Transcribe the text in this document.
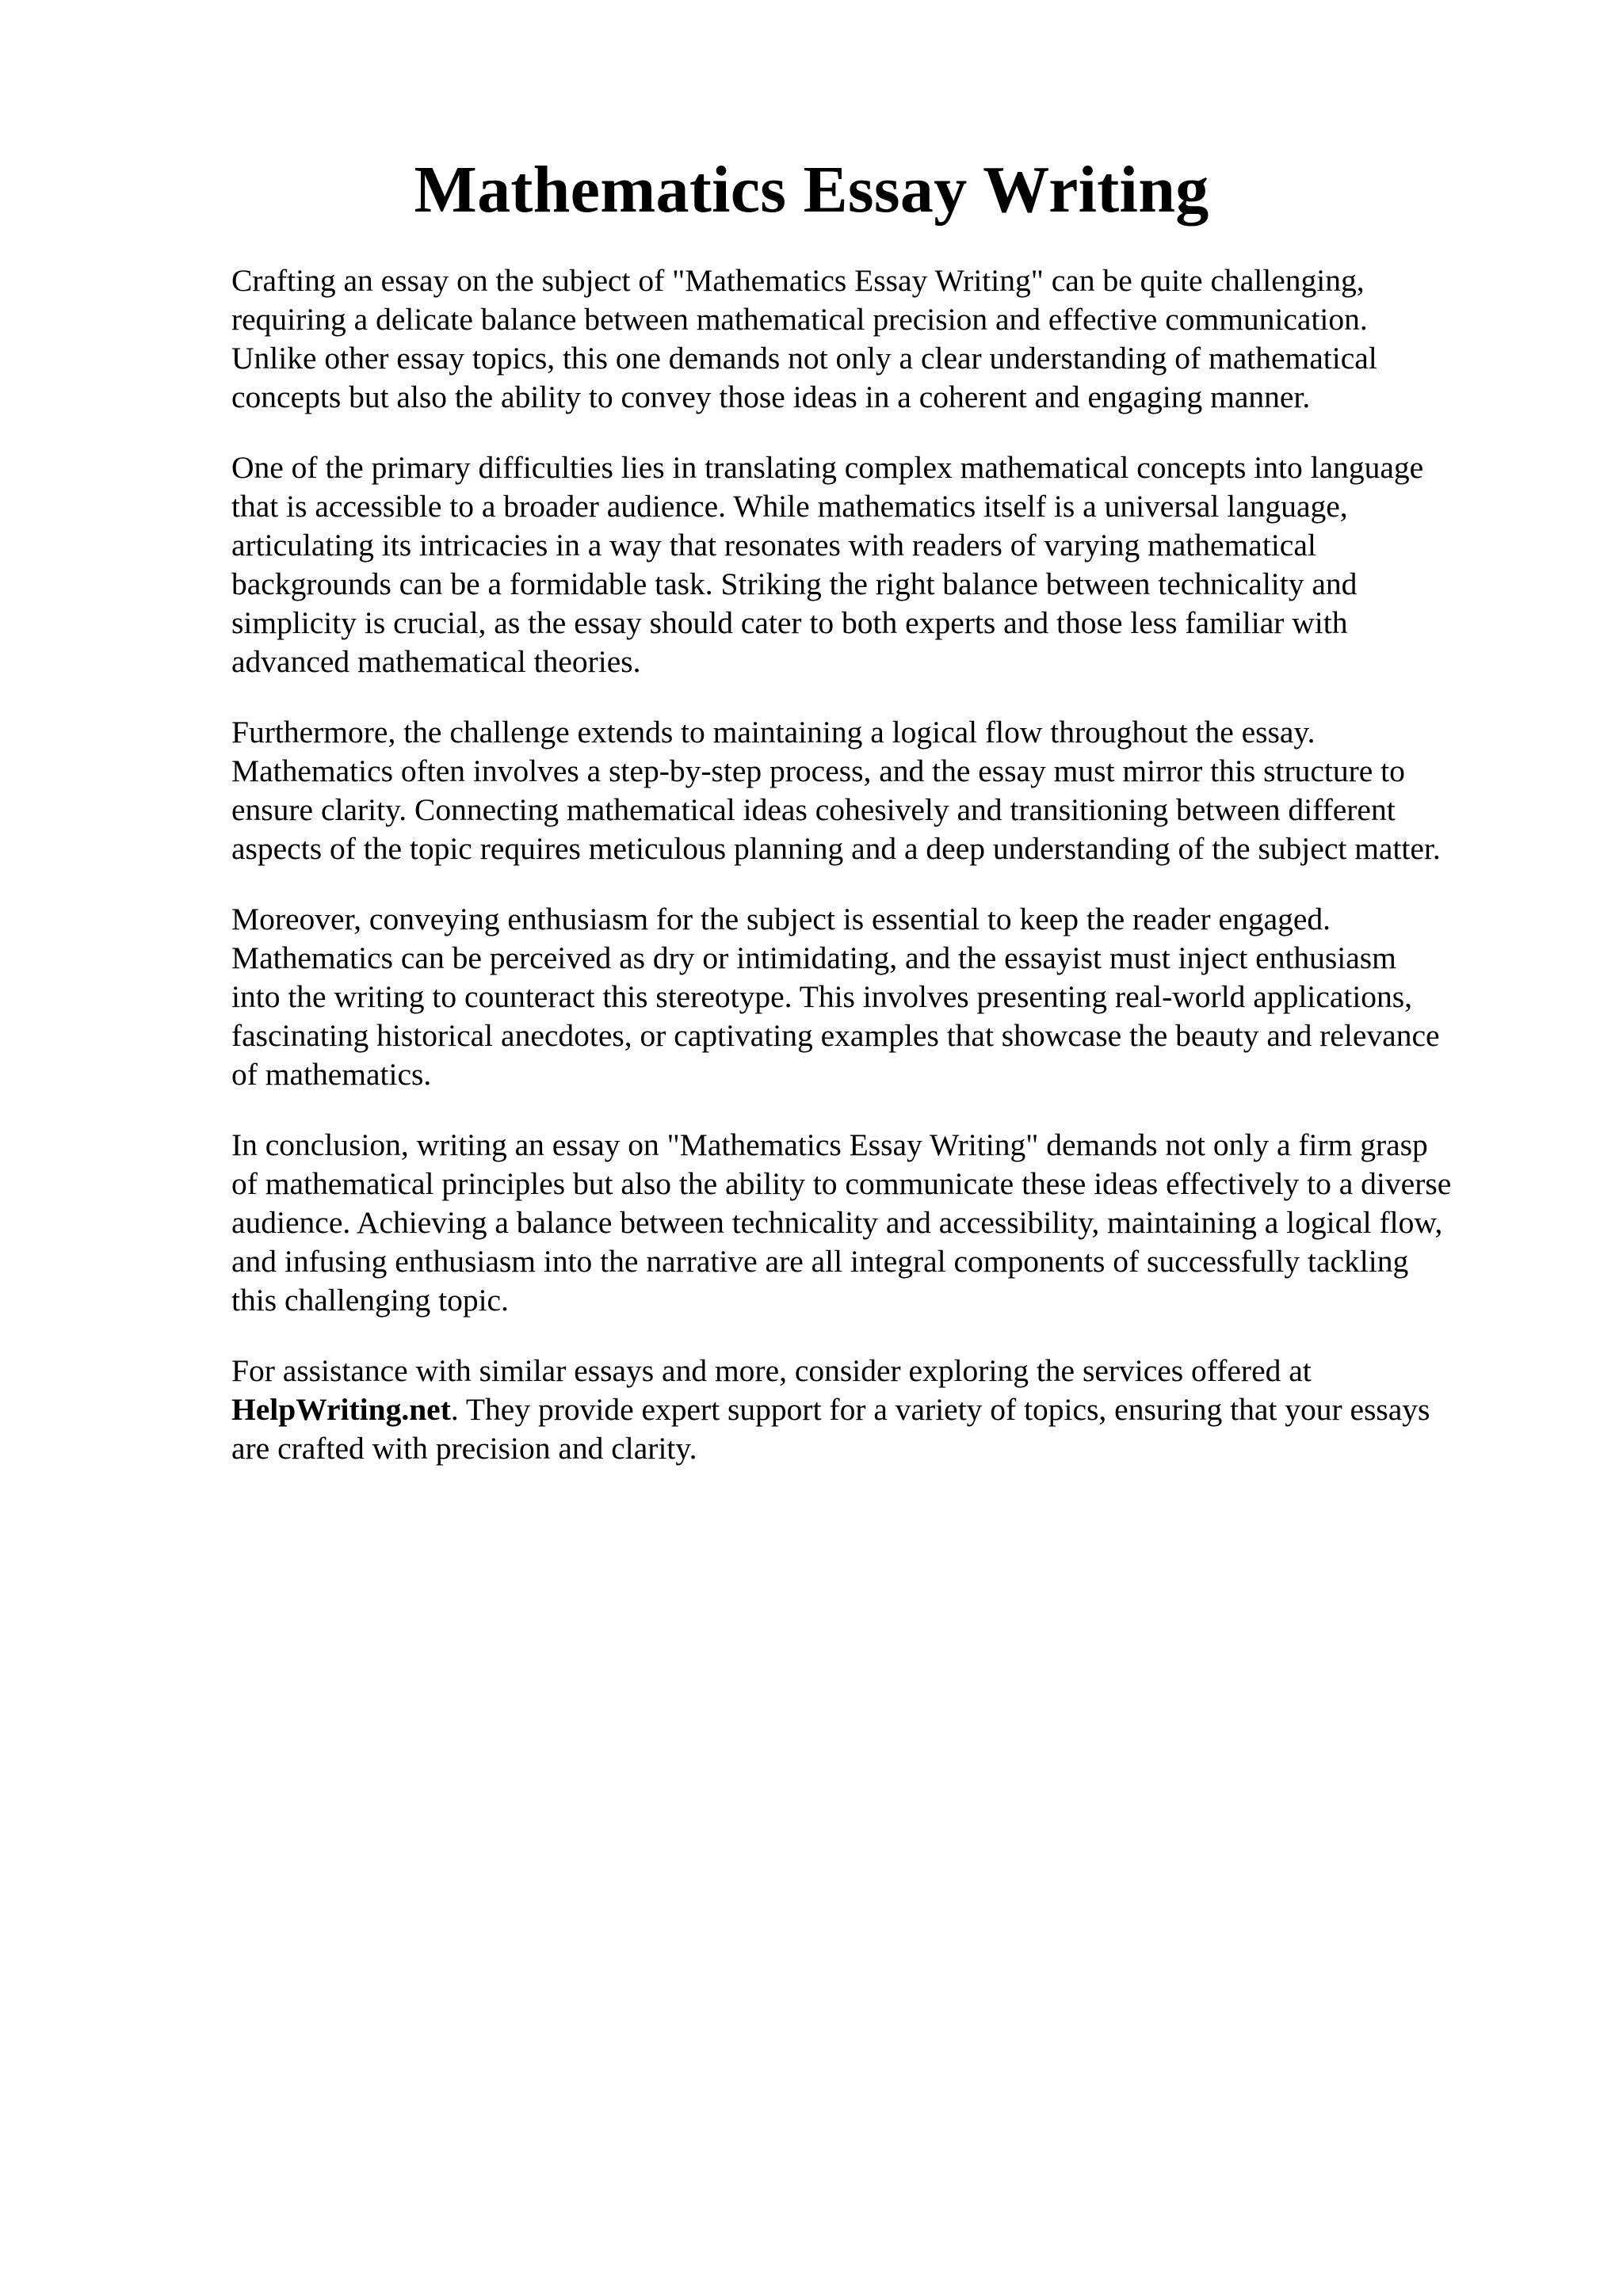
Mathematics Essay Writing

Crafting an essay on the subject of "Mathematics Essay Writing" can be quite challenging,
requiring a delicate balance between mathematical precision and effective communication.
Unlike other essay topics, this one demands not only a clear understanding of mathematical
concepts but also the ability to convey those ideas in a coherent and engaging manner.

One of the primary difficulties lies in translating complex mathematical concepts into language
that is accessible to a broader audience. While mathematics itself is a universal language,
articulating its intricacies in a way that resonates with readers of varying mathematical
backgrounds can be a formidable task. Striking the right balance between technicality and
simplicity is crucial, as the essay should cater to both experts and those less familiar with
advanced mathematical theories.

Furthermore, the challenge extends to maintaining a logical flow throughout the essay.
Mathematics often involves a step-by-step process, and the essay must mirror this structure to
ensure clarity. Connecting mathematical ideas cohesively and transitioning between different
aspects of the topic requires meticulous planning and a deep understanding of the subject matter.

Moreover, conveying enthusiasm for the subject is essential to keep the reader engaged.
Mathematics can be perceived as dry or intimidating, and the essayist must inject enthusiasm
into the writing to counteract this stereotype. This involves presenting real-world applications,
fascinating historical anecdotes, or captivating examples that showcase the beauty and relevance
of mathematics.

In conclusion, writing an essay on "Mathematics Essay Writing" demands not only a firm grasp
of mathematical principles but also the ability to communicate these ideas effectively to a diverse
audience. Achieving a balance between technicality and accessibility, maintaining a logical flow,
and infusing enthusiasm into the narrative are all integral components of successfully tackling
this challenging topic.

For assistance with similar essays and more, consider exploring the services offered at
HelpWriting.net. They provide expert support for a variety of topics, ensuring that your essays
are crafted with precision and clarity.
